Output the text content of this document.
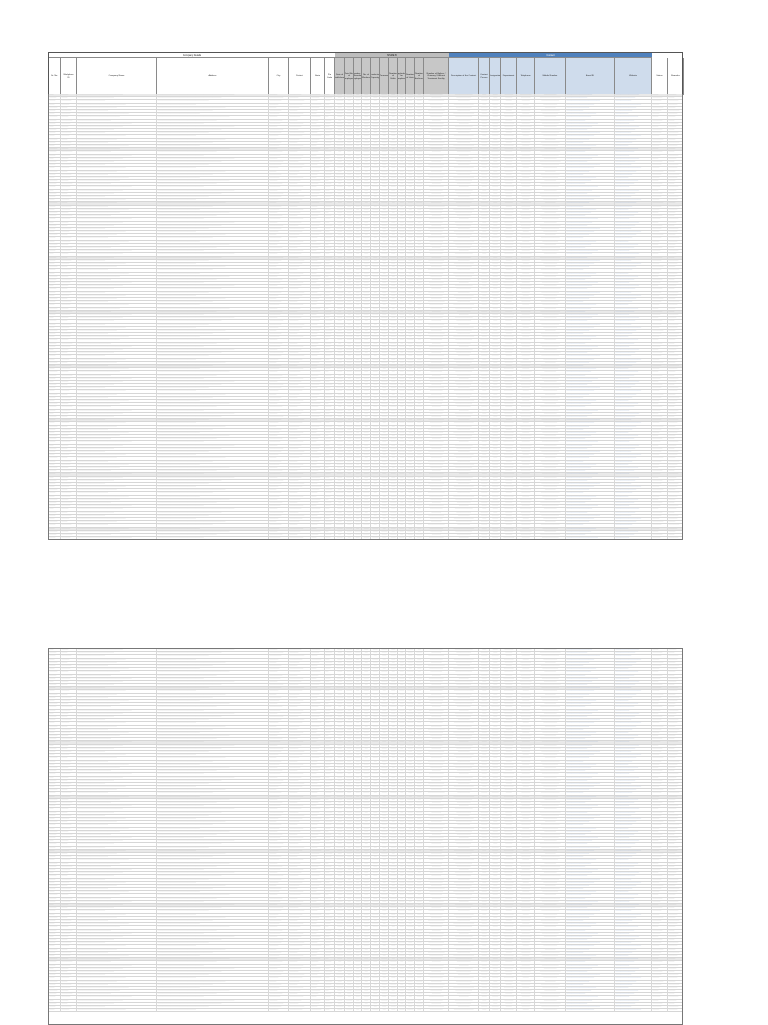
Company Details	MSME B	Contact
Sr. No.
Workplace ID
Company Name	Address	City	District	State
Pin Code
Date of ablishme
Total No. of mployees
umber Female ploye
No. of Workers
oduction Capacity
Turnover
Number of Shifts
plicab for mplian
Number of Units
Number of Machines
Number of Boilers / Chimney / Effluent Treatment Facility
Description of the Contact
Contact Person
Designation Department	Telephone	Mobile Number	Email ID	Website	Status	Remarks
────	───────	──────────────────────────────────────────────	──────────────────────────────────────────────────────────────────────────────	────────	────────────	─────────	────	─────	──────	───	────	─────	──────	────	────	──────	───	─────────────	──────────────────	────	─────	─────────	────────────	─────────────	──────────────────────────	────────────────────────	──────	────────
───────	──────	─────────────────────────────────────	─────────────────────────────────────────────────────────────────	──────────────	─────────	────────	───────	────	─────	─────	───	────	─────	──────	───	─────	──────	──────────	───────────────	───────	────	───────	──────────	─────────────────────	─────────────────────	────────────────────	──────────	──────
──────	──────────	────────────────────────────	────────────────────────────────────────────────────	────────────	───────────────	──────	─────	───────	───	────	──────	───	────	─────	──────	────	─────	────────────────	────────────	──────	───────	──────	────────	──────────────────	──────────────────────────────────	────────────────	─────────	──────────
─────	────────	─────────────────────────────────────────────────	───────────────────────────────────────	─────────	─────────────	──────────	────	─────	──────	───	─────	──────	───	────	─────	──────	────	─────────────	────────────────────	────	──────	──────────	──────	──────────────	────────────────────────────	──────────────────────────	───────	─────────
────────	──────	────────────────────────────────────────	─────────────────────────────────────────────────────────────────────	───────	──────────	────────	───────	────	─────	─────	───	─────	──────	───	────	─────	──────	───────────	────────────────	───────	────	────────	───────────	───────────	───────────────────────	─────────────────────	───────────	───────
──────	──────────	───────────────────────────────	────────────────────────────────────────────────────────	────────────	────────	──────	──────	───────	────	────	──────	───	─────	──────	───	────	─────	─────────────────	─────────────	──────	───────	──────	─────────	───────────────────	─────────────────	─────────────────	─────────	───────────
─────	─────────	────────────────────────────────────────────────────	───────────────────────────────────────────	──────────	──────────────	─────	─────	──────	──────	───	─────	──────	───	─────	─────	───	────	──────────────	─────────────────────	─────	──────	──────────	───────	────────────────	──────────────────────────────	─────────────	───────	─────────
────────	───────	───────────────────────────────────────────	─────────────────────────────────────────────────────────────────────────	────────	───────────	─────────	───	─────	─────	──────	────	─────	──────	───	────	──────	───	────────────	─────────────────	────────	─────	─────────	────────────	────────────	─────────────────────────	───────────────────────	──────	───────
───────	───────────	──────────────────────────────────	────────────────────────────────────────────────────────────	─────────────	────────	───────	──────	───	────	─────	──────	────	─────	──────	───	─────	──────	─────────	──────────────	──────	────────	───────	──────────	────────────────────	───────────────────	───────────────────	──────────	──────
──────	─────────	───────────────────────────────────────────────────────	───────────────────────────────────────────────	───────────	──────────────	─────	─────	──────	───	────	─────	──────	────	─────	─────	───	─────	───────────────	──────────	─────	──────	───────────	────────	─────────────────	────────────────────────────────	──────────────	────────	──────────
────	───────	──────────────────────────────────────────────	──────────────────────────────────────────────────────────────────────────────	────────	────────────	─────────	────	─────	──────	───	────	─────	──────	────	────	──────	───	─────────────	──────────────────	────	─────	─────────	────────────	─────────────	──────────────────────────	────────────────────────	──────	────────
───────	──────	─────────────────────────────────────	─────────────────────────────────────────────────────────────────	──────────────	─────────	────────	───────	────	─────	─────	───	────	─────	──────	───	─────	──────	──────────	───────────────	───────	────	───────	──────────	─────────────────────	─────────────────────	────────────────────	──────────	──────
──────	──────────	────────────────────────────	────────────────────────────────────────────────────	────────────	───────────────	──────	─────	───────	───	────	──────	───	────	─────	──────	────	─────	────────────────	────────────	──────	───────	──────	────────	──────────────────	──────────────────────────────────	────────────────	─────────	──────────
─────	────────	─────────────────────────────────────────────────	───────────────────────────────────────	─────────	─────────────	──────────	────	─────	──────	───	─────	──────	───	────	─────	──────	────	─────────────	────────────────────	────	──────	──────────	──────	──────────────	────────────────────────────	──────────────────────────	───────	─────────
────────	──────	────────────────────────────────────────	─────────────────────────────────────────────────────────────────────	───────	──────────	────────	───────	────	─────	─────	───	─────	──────	───	────	─────	──────	───────────	────────────────	───────	────	────────	───────────	───────────	───────────────────────	─────────────────────	───────────	───────
──────	──────────	───────────────────────────────	────────────────────────────────────────────────────────	────────────	────────	──────	──────	───────	────	────	──────	───	─────	──────	───	────	─────	─────────────────	─────────────	──────	───────	──────	─────────	───────────────────	─────────────────	─────────────────	─────────	───────────
─────	─────────	────────────────────────────────────────────────────	───────────────────────────────────────────	──────────	──────────────	─────	─────	──────	──────	───	─────	──────	───	─────	─────	───	────	──────────────	─────────────────────	─────	──────	──────────	───────	────────────────	──────────────────────────────	─────────────	───────	─────────
────────	───────	───────────────────────────────────────────	─────────────────────────────────────────────────────────────────────────	────────	───────────	─────────	───	─────	─────	──────	────	─────	──────	───	────	──────	───	────────────	─────────────────	────────	─────	─────────	────────────	────────────	─────────────────────────	───────────────────────	──────	───────
───────	───────────	──────────────────────────────────	────────────────────────────────────────────────────────────	─────────────	────────	───────	──────	───	────	─────	──────	────	─────	──────	───	─────	──────	─────────	──────────────	──────	────────	───────	──────────	────────────────────	───────────────────	───────────────────	──────────	──────
──────	─────────	───────────────────────────────────────────────────────	───────────────────────────────────────────────	───────────	──────────────	─────	─────	──────	───	────	─────	──────	────	─────	─────	───	─────	───────────────	──────────	─────	──────	───────────	────────	─────────────────	────────────────────────────────	──────────────	────────	──────────
────	───────	──────────────────────────────────────────────	──────────────────────────────────────────────────────────────────────────────	────────	────────────	─────────	────	─────	──────	───	────	─────	──────	────	────	──────	───	─────────────	──────────────────	────	─────	─────────	────────────	─────────────	──────────────────────────	────────────────────────	──────	────────
───────	──────	─────────────────────────────────────	─────────────────────────────────────────────────────────────────	──────────────	─────────	────────	───────	────	─────	─────	───	────	─────	──────	───	─────	──────	──────────	───────────────	───────	────	───────	──────────	─────────────────────	─────────────────────	────────────────────	──────────	──────
──────	──────────	────────────────────────────	────────────────────────────────────────────────────	────────────	───────────────	──────	─────	───────	───	────	──────	───	────	─────	──────	────	─────	────────────────	────────────	──────	───────	──────	────────	──────────────────	──────────────────────────────────	────────────────	─────────	──────────
─────	────────	─────────────────────────────────────────────────	───────────────────────────────────────	─────────	─────────────	──────────	────	─────	──────	───	─────	──────	───	────	─────	──────	────	─────────────	────────────────────	────	──────	──────────	──────	──────────────	────────────────────────────	──────────────────────────	───────	─────────
────────	──────	────────────────────────────────────────	─────────────────────────────────────────────────────────────────────	───────	──────────	────────	───────	────	─────	─────	───	─────	──────	───	────	─────	──────	───────────	────────────────	───────	────	────────	───────────	───────────	───────────────────────	─────────────────────	───────────	───────
──────	──────────	───────────────────────────────	────────────────────────────────────────────────────────	────────────	────────	──────	──────	───────	────	────	──────	───	─────	──────	───	────	─────	─────────────────	─────────────	──────	───────	──────	─────────	───────────────────	─────────────────	─────────────────	─────────	───────────
─────	─────────	────────────────────────────────────────────────────	───────────────────────────────────────────	──────────	──────────────	─────	─────	──────	──────	───	─────	──────	───	─────	─────	───	────	──────────────	─────────────────────	─────	──────	──────────	───────	────────────────	──────────────────────────────	─────────────	───────	─────────
────────	───────	───────────────────────────────────────────	─────────────────────────────────────────────────────────────────────────	────────	───────────	─────────	───	─────	─────	──────	────	─────	──────	───	────	──────	───	────────────	─────────────────	────────	─────	─────────	────────────	────────────	─────────────────────────	───────────────────────	──────	───────
───────	───────────	──────────────────────────────────	────────────────────────────────────────────────────────────	─────────────	────────	───────	──────	───	────	─────	──────	────	─────	──────	───	─────	──────	─────────	──────────────	──────	────────	───────	──────────	────────────────────	───────────────────	───────────────────	──────────	──────
──────	─────────	───────────────────────────────────────────────────────	───────────────────────────────────────────────	───────────	──────────────	─────	─────	──────	───	────	─────	──────	────	─────	─────	───	─────	───────────────	──────────	─────	──────	───────────	────────	─────────────────	────────────────────────────────	──────────────	────────	──────────
────	───────	──────────────────────────────────────────────	──────────────────────────────────────────────────────────────────────────────	────────	────────────	─────────	────	─────	──────	───	────	─────	──────	────	────	──────	───	─────────────	──────────────────	────	─────	─────────	────────────	─────────────	──────────────────────────	────────────────────────	──────	────────
───────	──────	─────────────────────────────────────	─────────────────────────────────────────────────────────────────	──────────────	─────────	────────	───────	────	─────	─────	───	────	─────	──────	───	─────	──────	──────────	───────────────	───────	────	───────	──────────	─────────────────────	─────────────────────	────────────────────	──────────	──────
──────	──────────	────────────────────────────	────────────────────────────────────────────────────	────────────	───────────────	──────	─────	───────	───	────	──────	───	────	─────	──────	────	─────	────────────────	────────────	──────	───────	──────	────────	──────────────────	──────────────────────────────────	────────────────	─────────	──────────
─────	────────	─────────────────────────────────────────────────	───────────────────────────────────────	─────────	─────────────	──────────	────	─────	──────	───	─────	──────	───	────	─────	──────	────	─────────────	────────────────────	────	──────	──────────	──────	──────────────	────────────────────────────	──────────────────────────	───────	─────────
────────	──────	────────────────────────────────────────	─────────────────────────────────────────────────────────────────────	───────	──────────	────────	───────	────	─────	─────	───	─────	──────	───	────	─────	──────	───────────	────────────────	───────	────	────────	───────────	───────────	───────────────────────	─────────────────────	───────────	───────
──────	──────────	───────────────────────────────	────────────────────────────────────────────────────────	────────────	────────	──────	──────	───────	────	────	──────	───	─────	──────	───	────	─────	─────────────────	─────────────	──────	───────	──────	─────────	───────────────────	─────────────────	─────────────────	─────────	───────────
─────	─────────	────────────────────────────────────────────────────	───────────────────────────────────────────	──────────	──────────────	─────	─────	──────	──────	───	─────	──────	───	─────	─────	───	────	──────────────	─────────────────────	─────	──────	──────────	───────	────────────────	──────────────────────────────	─────────────	───────	─────────
────────	───────	───────────────────────────────────────────	─────────────────────────────────────────────────────────────────────────	────────	───────────	─────────	───	─────	─────	──────	────	─────	──────	───	────	──────	───	────────────	─────────────────	────────	─────	─────────	────────────	────────────	─────────────────────────	───────────────────────	──────	───────
───────	───────────	──────────────────────────────────	────────────────────────────────────────────────────────────	─────────────	────────	───────	──────	───	────	─────	──────	────	─────	──────	───	─────	──────	─────────	──────────────	──────	────────	───────	──────────	────────────────────	───────────────────	───────────────────	──────────	──────
──────	─────────	───────────────────────────────────────────────────────	───────────────────────────────────────────────	───────────	──────────────	─────	─────	──────	───	────	─────	──────	────	─────	─────	───	─────	───────────────	──────────	─────	──────	───────────	────────	─────────────────	────────────────────────────────	──────────────	────────	──────────
────	───────	──────────────────────────────────────────────	──────────────────────────────────────────────────────────────────────────────	────────	────────────	─────────	────	─────	──────	───	────	─────	──────	────	────	──────	───	─────────────	──────────────────	────	─────	─────────	────────────	─────────────	──────────────────────────	────────────────────────	──────	────────
───────	──────	─────────────────────────────────────	─────────────────────────────────────────────────────────────────	──────────────	─────────	────────	───────	────	─────	─────	───	────	─────	──────	───	─────	──────	──────────	───────────────	───────	────	───────	──────────	─────────────────────	─────────────────────	────────────────────	──────────	──────
──────	──────────	────────────────────────────	────────────────────────────────────────────────────	────────────	───────────────	──────	─────	───────	───	────	──────	───	────	─────	──────	────	─────	────────────────	────────────	──────	───────	──────	────────	──────────────────	──────────────────────────────────	────────────────	─────────	──────────
─────	────────	─────────────────────────────────────────────────	───────────────────────────────────────	─────────	─────────────	──────────	────	─────	──────	───	─────	──────	───	────	─────	──────	────	─────────────	────────────────────	────	──────	──────────	──────	──────────────	────────────────────────────	──────────────────────────	───────	─────────
────────	──────	────────────────────────────────────────	─────────────────────────────────────────────────────────────────────	───────	──────────	────────	───────	────	─────	─────	───	─────	──────	───	────	─────	──────	───────────	────────────────	───────	────	────────	───────────	───────────	───────────────────────	─────────────────────	───────────	───────
──────	──────────	───────────────────────────────	────────────────────────────────────────────────────────	────────────	────────	──────	──────	───────	────	────	──────	───	─────	──────	───	────	─────	─────────────────	─────────────	──────	───────	──────	─────────	───────────────────	─────────────────	─────────────────	─────────	───────────
─────	─────────	────────────────────────────────────────────────────	───────────────────────────────────────────	──────────	──────────────	─────	─────	──────	──────	───	─────	──────	───	─────	─────	───	────	──────────────	─────────────────────	─────	──────	──────────	───────	────────────────	──────────────────────────────	─────────────	───────	─────────
────────	───────	───────────────────────────────────────────	─────────────────────────────────────────────────────────────────────────	────────	───────────	─────────	───	─────	─────	──────	────	─────	──────	───	────	──────	───	────────────	─────────────────	────────	─────	─────────	────────────	────────────	─────────────────────────	───────────────────────	──────	───────
───────	───────────	──────────────────────────────────	────────────────────────────────────────────────────────────	─────────────	────────	───────	──────	───	────	─────	──────	────	─────	──────	───	─────	──────	─────────	──────────────	──────	────────	───────	──────────	────────────────────	───────────────────	───────────────────	──────────	──────
──────	─────────	───────────────────────────────────────────────────────	───────────────────────────────────────────────	───────────	──────────────	─────	─────	──────	───	────	─────	──────	────	─────	─────	───	─────	───────────────	──────────	─────	──────	───────────	────────	─────────────────	────────────────────────────────	──────────────	────────	──────────
────	───────	──────────────────────────────────────────────	──────────────────────────────────────────────────────────────────────────────	────────	────────────	─────────	────	─────	──────	───	────	─────	──────	────	────	──────	───	─────────────	──────────────────	────	─────	─────────	────────────	─────────────	──────────────────────────	────────────────────────	──────	────────
───────	──────	─────────────────────────────────────	─────────────────────────────────────────────────────────────────	──────────────	─────────	────────	───────	────	─────	─────	───	────	─────	──────	───	─────	──────	──────────	───────────────	───────	────	───────	──────────	─────────────────────	─────────────────────	────────────────────	──────────	──────
──────	──────────	────────────────────────────	────────────────────────────────────────────────────	────────────	───────────────	──────	─────	───────	───	────	──────	───	────	─────	──────	────	─────	────────────────	────────────	──────	───────	──────	────────	──────────────────	──────────────────────────────────	────────────────	─────────	──────────
─────	────────	─────────────────────────────────────────────────	───────────────────────────────────────	─────────	─────────────	──────────	────	─────	──────	───	─────	──────	───	────	─────	──────	────	─────────────	────────────────────	────	──────	──────────	──────	──────────────	────────────────────────────	──────────────────────────	───────	─────────
────────	──────	────────────────────────────────────────	─────────────────────────────────────────────────────────────────────	───────	──────────	────────	───────	────	─────	─────	───	─────	──────	───	────	─────	──────	───────────	────────────────	───────	────	────────	───────────	───────────	───────────────────────	─────────────────────	───────────	───────
──────	──────────	───────────────────────────────	────────────────────────────────────────────────────────	────────────	────────	──────	──────	───────	────	────	──────	───	─────	──────	───	────	─────	─────────────────	─────────────	──────	───────	──────	─────────	───────────────────	─────────────────	─────────────────	─────────	───────────
─────	─────────	────────────────────────────────────────────────────	───────────────────────────────────────────	──────────	──────────────	─────	─────	──────	──────	───	─────	──────	───	─────	─────	───	────	──────────────	─────────────────────	─────	──────	──────────	───────	────────────────	──────────────────────────────	─────────────	───────	─────────
────────	───────	───────────────────────────────────────────	─────────────────────────────────────────────────────────────────────────	────────	───────────	─────────	───	─────	─────	──────	────	─────	──────	───	────	──────	───	────────────	─────────────────	────────	─────	─────────	────────────	────────────	─────────────────────────	───────────────────────	──────	───────
───────	───────────	──────────────────────────────────	────────────────────────────────────────────────────────────	─────────────	────────	───────	──────	───	────	─────	──────	────	─────	──────	───	─────	──────	─────────	──────────────	──────	────────	───────	──────────	────────────────────	───────────────────	───────────────────	──────────	──────
──────	─────────	───────────────────────────────────────────────────────	───────────────────────────────────────────────	───────────	──────────────	─────	─────	──────	───	────	─────	──────	────	─────	─────	───	─────	───────────────	──────────	─────	──────	───────────	────────	─────────────────	────────────────────────────────	──────────────	────────	──────────
────	───────	──────────────────────────────────────────────	──────────────────────────────────────────────────────────────────────────────	────────	────────────	─────────	────	─────	──────	───	────	─────	──────	────	────	──────	───	─────────────	──────────────────	────	─────	─────────	────────────	─────────────	──────────────────────────	────────────────────────	──────	────────
───────	──────	─────────────────────────────────────	─────────────────────────────────────────────────────────────────	──────────────	─────────	────────	───────	────	─────	─────	───	────	─────	──────	───	─────	──────	──────────	───────────────	───────	────	───────	──────────	─────────────────────	─────────────────────	────────────────────	──────────	──────
──────	──────────	────────────────────────────	────────────────────────────────────────────────────	────────────	───────────────	──────	─────	───────	───	────	──────	───	────	─────	──────	────	─────	────────────────	────────────	──────	───────	──────	────────	──────────────────	──────────────────────────────────	────────────────	─────────	──────────
─────	────────	─────────────────────────────────────────────────	───────────────────────────────────────	─────────	─────────────	──────────	────	─────	──────	───	─────	──────	───	────	─────	──────	────	─────────────	────────────────────	────	──────	──────────	──────	──────────────	────────────────────────────	──────────────────────────	───────	─────────
────────	──────	────────────────────────────────────────	─────────────────────────────────────────────────────────────────────	───────	──────────	────────	───────	────	─────	─────	───	─────	──────	───	────	─────	──────	───────────	────────────────	───────	────	────────	───────────	───────────	───────────────────────	─────────────────────	───────────	───────
──────	──────────	───────────────────────────────	────────────────────────────────────────────────────────	────────────	────────	──────	──────	───────	────	────	──────	───	─────	──────	───	────	─────	─────────────────	─────────────	──────	───────	──────	─────────	───────────────────	─────────────────	─────────────────	─────────	───────────
─────	─────────	────────────────────────────────────────────────────	───────────────────────────────────────────	──────────	──────────────	─────	─────	──────	──────	───	─────	──────	───	─────	─────	───	────	──────────────	─────────────────────	─────	──────	──────────	───────	────────────────	──────────────────────────────	─────────────	───────	─────────
────────	───────	───────────────────────────────────────────	─────────────────────────────────────────────────────────────────────────	────────	───────────	─────────	───	─────	─────	──────	────	─────	──────	───	────	──────	───	────────────	─────────────────	────────	─────	─────────	────────────	────────────	─────────────────────────	───────────────────────	──────	───────
───────	───────────	──────────────────────────────────	────────────────────────────────────────────────────────────	─────────────	────────	───────	──────	───	────	─────	──────	────	─────	──────	───	─────	──────	─────────	──────────────	──────	────────	───────	──────────	────────────────────	───────────────────	───────────────────	──────────	──────
──────	─────────	───────────────────────────────────────────────────────	───────────────────────────────────────────────	───────────	──────────────	─────	─────	──────	───	────	─────	──────	────	─────	─────	───	─────	───────────────	──────────	─────	──────	───────────	────────	─────────────────	────────────────────────────────	──────────────	────────	──────────
────	───────	──────────────────────────────────────────────	──────────────────────────────────────────────────────────────────────────────	────────	────────────	─────────	────	─────	──────	───	────	─────	──────	────	────	──────	───	─────────────	──────────────────	────	─────	─────────	────────────	─────────────	──────────────────────────	────────────────────────	──────	────────
───────	──────	─────────────────────────────────────	─────────────────────────────────────────────────────────────────	──────────────	─────────	────────	───────	────	─────	─────	───	────	─────	──────	───	─────	──────	──────────	───────────────	───────	────	───────	──────────	─────────────────────	─────────────────────	────────────────────	──────────	──────
──────	──────────	────────────────────────────	────────────────────────────────────────────────────	────────────	───────────────	──────	─────	───────	───	────	──────	───	────	─────	──────	────	─────	────────────────	────────────	──────	───────	──────	────────	──────────────────	──────────────────────────────────	────────────────	─────────	──────────
─────	────────	─────────────────────────────────────────────────	───────────────────────────────────────	─────────	─────────────	──────────	────	─────	──────	───	─────	──────	───	────	─────	──────	────	─────────────	────────────────────	────	──────	──────────	──────	──────────────	────────────────────────────	──────────────────────────	───────	─────────
────────	──────	────────────────────────────────────────	─────────────────────────────────────────────────────────────────────	───────	──────────	────────	───────	────	─────	─────	───	─────	──────	───	────	─────	──────	───────────	────────────────	───────	────	────────	───────────	───────────	───────────────────────	─────────────────────	───────────	───────
──────	──────────	───────────────────────────────	────────────────────────────────────────────────────────	────────────	────────	──────	──────	───────	────	────	──────	───	─────	──────	───	────	─────	─────────────────	─────────────	──────	───────	──────	─────────	───────────────────	─────────────────	─────────────────	─────────	───────────
─────	─────────	────────────────────────────────────────────────────	───────────────────────────────────────────	──────────	──────────────	─────	─────	──────	──────	───	─────	──────	───	─────	─────	───	────	──────────────	─────────────────────	─────	──────	──────────	───────	────────────────	──────────────────────────────	─────────────	───────	─────────
────────	───────	───────────────────────────────────────────	─────────────────────────────────────────────────────────────────────────	────────	───────────	─────────	───	─────	─────	──────	────	─────	──────	───	────	──────	───	────────────	─────────────────	────────	─────	─────────	────────────	────────────	─────────────────────────	───────────────────────	──────	───────
───────	───────────	──────────────────────────────────	────────────────────────────────────────────────────────────	─────────────	────────	───────	──────	───	────	─────	──────	────	─────	──────	───	─────	──────	─────────	──────────────	──────	────────	───────	──────────	────────────────────	───────────────────	───────────────────	──────────	──────
──────	─────────	───────────────────────────────────────────────────────	───────────────────────────────────────────────	───────────	──────────────	─────	─────	──────	───	────	─────	──────	────	─────	─────	───	─────	───────────────	──────────	─────	──────	───────────	────────	─────────────────	────────────────────────────────	──────────────	────────	──────────
────	───────	──────────────────────────────────────────────	──────────────────────────────────────────────────────────────────────────────	────────	────────────	─────────	────	─────	──────	───	────	─────	──────	────	────	──────	───	─────────────	──────────────────	────	─────	─────────	────────────	─────────────	──────────────────────────	────────────────────────	──────	────────
───────	──────	─────────────────────────────────────	─────────────────────────────────────────────────────────────────	──────────────	─────────	────────	───────	────	─────	─────	───	────	─────	──────	───	─────	──────	──────────	───────────────	───────	────	───────	──────────	─────────────────────	─────────────────────	────────────────────	──────────	──────
──────	──────────	────────────────────────────	────────────────────────────────────────────────────	────────────	───────────────	──────	─────	───────	───	────	──────	───	────	─────	──────	────	─────	────────────────	────────────	──────	───────	──────	────────	──────────────────	──────────────────────────────────	────────────────	─────────	──────────
─────	────────	─────────────────────────────────────────────────	───────────────────────────────────────	─────────	─────────────	──────────	────	─────	──────	───	─────	──────	───	────	─────	──────	────	─────────────	────────────────────	────	──────	──────────	──────	──────────────	────────────────────────────	──────────────────────────	───────	─────────
────────	──────	────────────────────────────────────────	─────────────────────────────────────────────────────────────────────	───────	──────────	────────	───────	────	─────	─────	───	─────	──────	───	────	─────	──────	───────────	────────────────	───────	────	────────	───────────	───────────	───────────────────────	─────────────────────	───────────	───────
──────	──────────	───────────────────────────────	────────────────────────────────────────────────────────	────────────	────────	──────	──────	───────	────	────	──────	───	─────	──────	───	────	─────	─────────────────	─────────────	──────	───────	──────	─────────	───────────────────	─────────────────	─────────────────	─────────	───────────
─────	─────────	────────────────────────────────────────────────────	───────────────────────────────────────────	──────────	──────────────	─────	─────	──────	──────	───	─────	──────	───	─────	─────	───	────	──────────────	─────────────────────	─────	──────	──────────	───────	────────────────	──────────────────────────────	─────────────	───────	─────────
────────	───────	───────────────────────────────────────────	─────────────────────────────────────────────────────────────────────────	────────	───────────	─────────	───	─────	─────	──────	────	─────	──────	───	────	──────	───	────────────	─────────────────	────────	─────	─────────	────────────	────────────	─────────────────────────	───────────────────────	──────	───────
───────	───────────	──────────────────────────────────	────────────────────────────────────────────────────────────	─────────────	────────	───────	──────	───	────	─────	──────	────	─────	──────	───	─────	──────	─────────	──────────────	──────	────────	───────	──────────	────────────────────	───────────────────	───────────────────	──────────	──────
──────	─────────	───────────────────────────────────────────────────────	───────────────────────────────────────────────	───────────	──────────────	─────	─────	──────	───	────	─────	──────	────	─────	─────	───	─────	───────────────	──────────	─────	──────	───────────	────────	─────────────────	────────────────────────────────	──────────────	────────	──────────
────	───────	──────────────────────────────────────────────	──────────────────────────────────────────────────────────────────────────────	────────	────────────	─────────	────	─────	──────	───	────	─────	──────	────	────	──────	───	─────────────	──────────────────	────	─────	─────────	────────────	─────────────	──────────────────────────	────────────────────────	──────	────────
───────	──────	─────────────────────────────────────	─────────────────────────────────────────────────────────────────	──────────────	─────────	────────	───────	────	─────	─────	───	────	─────	──────	───	─────	──────	──────────	───────────────	───────	────	───────	──────────	─────────────────────	─────────────────────	────────────────────	──────────	──────
──────	──────────	────────────────────────────	────────────────────────────────────────────────────	────────────	───────────────	──────	─────	───────	───	────	──────	───	────	─────	──────	────	─────	────────────────	────────────	──────	───────	──────	────────	──────────────────	──────────────────────────────────	────────────────	─────────	──────────
─────	────────	─────────────────────────────────────────────────	───────────────────────────────────────	─────────	─────────────	──────────	────	─────	──────	───	─────	──────	───	────	─────	──────	────	─────────────	────────────────────	────	──────	──────────	──────	──────────────	────────────────────────────	──────────────────────────	───────	─────────
────────	──────	────────────────────────────────────────	─────────────────────────────────────────────────────────────────────	───────	──────────	────────	───────	────	─────	─────	───	─────	──────	───	────	─────	──────	───────────	────────────────	───────	────	────────	───────────	───────────	───────────────────────	─────────────────────	───────────	───────
──────	──────────	───────────────────────────────	────────────────────────────────────────────────────────	────────────	────────	──────	──────	───────	────	────	──────	───	─────	──────	───	────	─────	─────────────────	─────────────	──────	───────	──────	─────────	───────────────────	─────────────────	─────────────────	─────────	───────────
─────	─────────	────────────────────────────────────────────────────	───────────────────────────────────────────	──────────	──────────────	─────	─────	──────	──────	───	─────	──────	───	─────	─────	───	────	──────────────	─────────────────────	─────	──────	──────────	───────	────────────────	──────────────────────────────	─────────────	───────	─────────
────────	───────	───────────────────────────────────────────	─────────────────────────────────────────────────────────────────────────	────────	───────────	─────────	───	─────	─────	──────	────	─────	──────	───	────	──────	───	────────────	─────────────────	────────	─────	─────────	────────────	────────────	─────────────────────────	───────────────────────	──────	───────
───────	───────────	──────────────────────────────────	────────────────────────────────────────────────────────────	─────────────	────────	───────	──────	───	────	─────	──────	────	─────	──────	───	─────	──────	─────────	──────────────	──────	────────	───────	──────────	────────────────────	───────────────────	───────────────────	──────────	──────
──────	─────────	───────────────────────────────────────────────────────	───────────────────────────────────────────────	───────────	──────────────	─────	─────	──────	───	────	─────	──────	────	─────	─────	───	─────	───────────────	──────────	─────	──────	───────────	────────	─────────────────	────────────────────────────────	──────────────	────────	──────────
────	───────	──────────────────────────────────────────────	──────────────────────────────────────────────────────────────────────────────	────────	────────────	─────────	────	─────	──────	───	────	─────	──────	────	────	──────	───	─────────────	──────────────────	────	─────	─────────	────────────	─────────────	──────────────────────────	────────────────────────	──────	────────
───────	──────	─────────────────────────────────────	─────────────────────────────────────────────────────────────────	──────────────	─────────	────────	───────	────	─────	─────	───	────	─────	──────	───	─────	──────	──────────	───────────────	───────	────	───────	──────────	─────────────────────	─────────────────────	────────────────────	──────────	──────
──────	──────────	────────────────────────────	────────────────────────────────────────────────────	────────────	───────────────	──────	─────	───────	───	────	──────	───	────	─────	──────	────	─────	────────────────	────────────	──────	───────	──────	────────	──────────────────	──────────────────────────────────	────────────────	─────────	──────────
─────	────────	─────────────────────────────────────────────────	───────────────────────────────────────	─────────	─────────────	──────────	────	─────	──────	───	─────	──────	───	────	─────	──────	────	─────────────	────────────────────	────	──────	──────────	──────	──────────────	────────────────────────────	──────────────────────────	───────	─────────
────────	──────	────────────────────────────────────────	─────────────────────────────────────────────────────────────────────	───────	──────────	────────	───────	────	─────	─────	───	─────	──────	───	────	─────	──────	───────────	────────────────	───────	────	────────	───────────	───────────	───────────────────────	─────────────────────	───────────	───────
──────	──────────	───────────────────────────────	────────────────────────────────────────────────────────	────────────	────────	──────	──────	───────	────	────	──────	───	─────	──────	───	────	─────	─────────────────	─────────────	──────	───────	──────	─────────	───────────────────	─────────────────	─────────────────	─────────	───────────
─────	─────────	────────────────────────────────────────────────────	───────────────────────────────────────────	──────────	──────────────	─────	─────	──────	──────	───	─────	──────	───	─────	─────	───	────	──────────────	─────────────────────	─────	──────	──────────	───────	────────────────	──────────────────────────────	─────────────	───────	─────────
────────	───────	───────────────────────────────────────────	─────────────────────────────────────────────────────────────────────────	────────	───────────	─────────	───	─────	─────	──────	────	─────	──────	───	────	──────	───	────────────	─────────────────	────────	─────	─────────	────────────	────────────	─────────────────────────	───────────────────────	──────	───────
───────	───────────	──────────────────────────────────	────────────────────────────────────────────────────────────	─────────────	────────	───────	──────	───	────	─────	──────	────	─────	──────	───	─────	──────	─────────	──────────────	──────	────────	───────	──────────	────────────────────	───────────────────	───────────────────	──────────	──────
──────	─────────	───────────────────────────────────────────────────────	───────────────────────────────────────────────	───────────	──────────────	─────	─────	──────	───	────	─────	──────	────	─────	─────	───	─────	───────────────	──────────	─────	──────	───────────	────────	─────────────────	────────────────────────────────	──────────────	────────	──────────
────	───────	──────────────────────────────────────────────	──────────────────────────────────────────────────────────────────────────────	────────	────────────	─────────	────	─────	──────	───	────	─────	──────	────	────	──────	───	─────────────	──────────────────	────	─────	─────────	────────────	─────────────	──────────────────────────	────────────────────────	──────	────────
───────	──────	─────────────────────────────────────	─────────────────────────────────────────────────────────────────	──────────────	─────────	────────	───────	────	─────	─────	───	────	─────	──────	───	─────	──────	──────────	───────────────	───────	────	───────	──────────	─────────────────────	─────────────────────	────────────────────	──────────	──────
──────	──────────	────────────────────────────	────────────────────────────────────────────────────	────────────	───────────────	──────	─────	───────	───	────	──────	───	────	─────	──────	────	─────	────────────────	────────────	──────	───────	──────	────────	──────────────────	──────────────────────────────────	────────────────	─────────	──────────
─────	────────	─────────────────────────────────────────────────	───────────────────────────────────────	─────────	─────────────	──────────	────	─────	──────	───	─────	──────	───	────	─────	──────	────	─────────────	────────────────────	────	──────	──────────	──────	──────────────	────────────────────────────	──────────────────────────	───────	─────────
────────	──────	────────────────────────────────────────	─────────────────────────────────────────────────────────────────────	───────	──────────	────────	───────	────	─────	─────	───	─────	──────	───	────	─────	──────	───────────	────────────────	───────	────	────────	───────────	───────────	───────────────────────	─────────────────────	───────────	───────
──────	──────────	───────────────────────────────	────────────────────────────────────────────────────────	────────────	────────	──────	──────	───────	────	────	──────	───	─────	──────	───	────	─────	─────────────────	─────────────	──────	───────	──────	─────────	───────────────────	─────────────────	─────────────────	─────────	───────────
─────	─────────	────────────────────────────────────────────────────	───────────────────────────────────────────	──────────	──────────────	─────	─────	──────	──────	───	─────	──────	───	─────	─────	───	────	──────────────	─────────────────────	─────	──────	──────────	───────	────────────────	──────────────────────────────	─────────────	───────	─────────
────────	───────	───────────────────────────────────────────	─────────────────────────────────────────────────────────────────────────	────────	───────────	─────────	───	─────	─────	──────	────	─────	──────	───	────	──────	───	────────────	─────────────────	────────	─────	─────────	────────────	────────────	─────────────────────────	───────────────────────	──────	───────
───────	───────────	──────────────────────────────────	────────────────────────────────────────────────────────────	─────────────	────────	───────	──────	───	────	─────	──────	────	─────	──────	───	─────	──────	─────────	──────────────	──────	────────	───────	──────────	────────────────────	───────────────────	───────────────────	──────────	──────
──────	─────────	───────────────────────────────────────────────────────	───────────────────────────────────────────────	───────────	──────────────	─────	─────	──────	───	────	─────	──────	────	─────	─────	───	─────	───────────────	──────────	─────	──────	───────────	────────	─────────────────	────────────────────────────────	──────────────	────────	──────────
────	───────	──────────────────────────────────────────────	──────────────────────────────────────────────────────────────────────────────	────────	────────────	─────────	────	─────	──────	───	────	─────	──────	────	────	──────	───	─────────────	──────────────────	────	─────	─────────	────────────	─────────────	──────────────────────────	────────────────────────	──────	────────
───────	──────	─────────────────────────────────────	─────────────────────────────────────────────────────────────────	──────────────	─────────	────────	───────	────	─────	─────	───	────	─────	──────	───	─────	──────	──────────	───────────────	───────	────	───────	──────────	─────────────────────	─────────────────────	────────────────────	──────────	──────
──────	──────────	────────────────────────────	────────────────────────────────────────────────────	────────────	───────────────	──────	─────	───────	───	────	──────	───	────	─────	──────	────	─────	────────────────	────────────	──────	───────	──────	────────	──────────────────	──────────────────────────────────	────────────────	─────────	──────────
─────	────────	─────────────────────────────────────────────────	───────────────────────────────────────	─────────	─────────────	──────────	────	─────	──────	───	─────	──────	───	────	─────	──────	────	─────────────	────────────────────	────	──────	──────────	──────	──────────────	────────────────────────────	──────────────────────────	───────	─────────
────────	──────	────────────────────────────────────────	─────────────────────────────────────────────────────────────────────	───────	──────────	────────	───────	────	─────	─────	───	─────	──────	───	────	─────	──────	───────────	────────────────	───────	────	────────	───────────	───────────	───────────────────────	─────────────────────	───────────	───────
──────	──────────	───────────────────────────────	────────────────────────────────────────────────────────	────────────	────────	──────	──────	───────	────	────	──────	───	─────	──────	───	────	─────	─────────────────	─────────────	──────	───────	──────	─────────	───────────────────	─────────────────	─────────────────	─────────	───────────
─────	─────────	────────────────────────────────────────────────────	───────────────────────────────────────────	──────────	──────────────	─────	─────	──────	──────	───	─────	──────	───	─────	─────	───	────	──────────────	─────────────────────	─────	──────	──────────	───────	────────────────	──────────────────────────────	─────────────	───────	─────────
────────	───────	───────────────────────────────────────────	─────────────────────────────────────────────────────────────────────────	────────	───────────	─────────	───	─────	─────	──────	────	─────	──────	───	────	──────	───	────────────	─────────────────	────────	─────	─────────	────────────	────────────	─────────────────────────	───────────────────────	──────	───────
───────	───────────	──────────────────────────────────	────────────────────────────────────────────────────────────	─────────────	────────	───────	──────	───	────	─────	──────	────	─────	──────	───	─────	──────	─────────	──────────────	──────	────────	───────	──────────	────────────────────	───────────────────	───────────────────	──────────	──────
──────	─────────	───────────────────────────────────────────────────────	───────────────────────────────────────────────	───────────	──────────────	─────	─────	──────	───	────	─────	──────	────	─────	─────	───	─────	───────────────	──────────	─────	──────	───────────	────────	─────────────────	────────────────────────────────	──────────────	────────	──────────
────	───────	──────────────────────────────────────────────	──────────────────────────────────────────────────────────────────────────────	────────	────────────	─────────	────	─────	──────	───	────	─────	──────	────	────	──────	───	─────────────	──────────────────	────	─────	─────────	────────────	─────────────	──────────────────────────	────────────────────────	──────	────────
───────	──────	─────────────────────────────────────	─────────────────────────────────────────────────────────────────	──────────────	─────────	────────	───────	────	─────	─────	───	────	─────	──────	───	─────	──────	──────────	───────────────	───────	────	───────	──────────	─────────────────────	─────────────────────	────────────────────	──────────	──────
──────	──────────	────────────────────────────	────────────────────────────────────────────────────	────────────	───────────────	──────	─────	───────	───	────	──────	───	────	─────	──────	────	─────	────────────────	────────────	──────	───────	──────	────────	──────────────────	──────────────────────────────────	────────────────	─────────	──────────
─────	────────	─────────────────────────────────────────────────	───────────────────────────────────────	─────────	─────────────	──────────	────	─────	──────	───	─────	──────	───	────	─────	──────	────	─────────────	────────────────────	────	──────	──────────	──────	──────────────	────────────────────────────	──────────────────────────	───────	─────────
────────	──────	────────────────────────────────────────	─────────────────────────────────────────────────────────────────────	───────	──────────	────────	───────	────	─────	─────	───	─────	──────	───	────	─────	──────	───────────	────────────────	───────	────	────────	───────────	───────────	───────────────────────	─────────────────────	───────────	───────
──────	──────────	───────────────────────────────	────────────────────────────────────────────────────────	────────────	────────	──────	──────	───────	────	────	──────	───	─────	──────	───	────	─────	─────────────────	─────────────	──────	───────	──────	─────────	───────────────────	─────────────────	─────────────────	─────────	───────────
─────	─────────	────────────────────────────────────────────────────	───────────────────────────────────────────	──────────	──────────────	─────	─────	──────	──────	───	─────	──────	───	─────	─────	───	────	──────────────	─────────────────────	─────	──────	──────────	───────	────────────────	──────────────────────────────	─────────────	───────	─────────
────────	───────	───────────────────────────────────────────	─────────────────────────────────────────────────────────────────────────	────────	───────────	─────────	───	─────	─────	──────	────	─────	──────	───	────	──────	───	────────────	─────────────────	────────	─────	─────────	────────────	────────────	─────────────────────────	───────────────────────	──────	───────
───────	───────────	──────────────────────────────────	────────────────────────────────────────────────────────────	─────────────	────────	───────	──────	───	────	─────	──────	────	─────	──────	───	─────	──────	─────────	──────────────	──────	────────	───────	──────────	────────────────────	───────────────────	───────────────────	──────────	──────
──────	─────────	───────────────────────────────────────────────────────	───────────────────────────────────────────────	───────────	──────────────	─────	─────	──────	───	────	─────	──────	────	─────	─────	───	─────	───────────────	──────────	─────	──────	───────────	────────	─────────────────	────────────────────────────────	──────────────	────────	──────────
────	───────	──────────────────────────────────────────────	──────────────────────────────────────────────────────────────────────────────	────────	────────────	─────────	────	─────	──────	───	────	─────	──────	────	────	──────	───	─────────────	──────────────────	────	─────	─────────	────────────	─────────────	──────────────────────────	────────────────────────	──────	────────
───────	──────	─────────────────────────────────────	─────────────────────────────────────────────────────────────────	──────────────	─────────	────────	───────	────	─────	─────	───	────	─────	──────	───	─────	──────	──────────	───────────────	───────	────	───────	──────────	─────────────────────	─────────────────────	────────────────────	──────────	──────
──────	──────────	────────────────────────────	────────────────────────────────────────────────────	────────────	───────────────	──────	─────	───────	───	────	──────	───	────	─────	──────	────	─────	────────────────	────────────	──────	───────	──────	────────	──────────────────	──────────────────────────────────	────────────────	─────────	──────────
─────	────────	─────────────────────────────────────────────────	───────────────────────────────────────	─────────	─────────────	──────────	────	─────	──────	───	─────	──────	───	────	─────	──────	────	─────────────	────────────────────	────	──────	──────────	──────	──────────────	────────────────────────────	──────────────────────────	───────	─────────
────────	──────	────────────────────────────────────────	─────────────────────────────────────────────────────────────────────	───────	──────────	────────	───────	────	─────	─────	───	─────	──────	───	────	─────	──────	───────────	────────────────	───────	────	────────	───────────	───────────	───────────────────────	─────────────────────	───────────	───────
──────	──────────	───────────────────────────────	────────────────────────────────────────────────────────	────────────	────────	──────	──────	───────	────	────	──────	───	─────	──────	───	────	─────	─────────────────	─────────────	──────	───────	──────	─────────	───────────────────	─────────────────	─────────────────	─────────	───────────
─────	─────────	────────────────────────────────────────────────────	───────────────────────────────────────────	──────────	──────────────	─────	─────	──────	──────	───	─────	──────	───	─────	─────	───	────	──────────────	─────────────────────	─────	──────	──────────	───────	────────────────	──────────────────────────────	─────────────	───────	─────────
────────	───────	───────────────────────────────────────────	─────────────────────────────────────────────────────────────────────────	────────	───────────	─────────	───	─────	─────	──────	────	─────	──────	───	────	──────	───	────────────	─────────────────	────────	─────	─────────	────────────	────────────	─────────────────────────	───────────────────────	──────	───────
───────	───────────	──────────────────────────────────	────────────────────────────────────────────────────────────	─────────────	────────	───────	──────	───	────	─────	──────	────	─────	──────	───	─────	──────	─────────	──────────────	──────	────────	───────	──────────	────────────────────	───────────────────	───────────────────	──────────	──────
──────	─────────	───────────────────────────────────────────────────────	───────────────────────────────────────────────	───────────	──────────────	─────	─────	──────	───	────	─────	──────	────	─────	─────	───	─────	───────────────	──────────	─────	──────	───────────	────────	─────────────────	────────────────────────────────	──────────────	────────	──────────
────	───────	──────────────────────────────────────────────	──────────────────────────────────────────────────────────────────────────────	────────	────────────	─────────	────	─────	──────	───	────	─────	──────	────	────	──────	───	─────────────	──────────────────	────	─────	─────────	────────────	─────────────	──────────────────────────	────────────────────────	──────	────────
───────	──────	─────────────────────────────────────	─────────────────────────────────────────────────────────────────	──────────────	─────────	────────	───────	────	─────	─────	───	────	─────	──────	───	─────	──────	──────────	───────────────	───────	────	───────	──────────	─────────────────────	─────────────────────	────────────────────	──────────	──────
──────	──────────	────────────────────────────	────────────────────────────────────────────────────	────────────	───────────────	──────	─────	───────	───	────	──────	───	────	─────	──────	────	─────	────────────────	────────────	──────	───────	──────	────────	──────────────────	──────────────────────────────────	────────────────	─────────	──────────
─────	────────	─────────────────────────────────────────────────	───────────────────────────────────────	─────────	─────────────	──────────	────	─────	──────	───	─────	──────	───	────	─────	──────	────	─────────────	────────────────────	────	──────	──────────	──────	──────────────	────────────────────────────	──────────────────────────	───────	─────────
────────	──────	────────────────────────────────────────	─────────────────────────────────────────────────────────────────────	───────	──────────	────────	───────	────	─────	─────	───	─────	──────	───	────	─────	──────	───────────	────────────────	───────	────	────────	───────────	───────────	───────────────────────	─────────────────────	───────────	───────
──────	──────────	───────────────────────────────	────────────────────────────────────────────────────────	────────────	────────	──────	──────	───────	────	────	──────	───	─────	──────	───	────	─────	─────────────────	─────────────	──────	───────	──────	─────────	───────────────────	─────────────────	─────────────────	─────────	───────────
─────	─────────	────────────────────────────────────────────────────	───────────────────────────────────────────	──────────	──────────────	─────	─────	──────	──────	───	─────	──────	───	─────	─────	───	────	──────────────	─────────────────────	─────	──────	──────────	───────	────────────────	──────────────────────────────	─────────────	───────	─────────
────────	───────	───────────────────────────────────────────	─────────────────────────────────────────────────────────────────────────	────────	───────────	─────────	───	─────	─────	──────	────	─────	──────	───	────	──────	───	────────────	─────────────────	────────	─────	─────────	────────────	────────────	─────────────────────────	───────────────────────	──────	───────
───────	───────────	──────────────────────────────────	────────────────────────────────────────────────────────────	─────────────	────────	───────	──────	───	────	─────	──────	────	─────	──────	───	─────	──────	─────────	──────────────	──────	────────	───────	──────────	────────────────────	───────────────────	───────────────────	──────────	──────
──────	─────────	───────────────────────────────────────────────────────	───────────────────────────────────────────────	───────────	──────────────	─────	─────	──────	───	────	─────	──────	────	─────	─────	───	─────	───────────────	──────────	─────	──────	───────────	────────	─────────────────	────────────────────────────────	──────────────	────────	──────────
────	───────	──────────────────────────────────────────────	──────────────────────────────────────────────────────────────────────────────	────────	────────────	─────────	────	─────	──────	───	────	─────	──────	────	────	──────	───	─────────────	──────────────────	────	─────	─────────	────────────	─────────────	──────────────────────────	────────────────────────	──────	────────
───────	──────	─────────────────────────────────────	─────────────────────────────────────────────────────────────────	──────────────	─────────	────────	───────	────	─────	─────	───	────	─────	──────	───	─────	──────	──────────	───────────────	───────	────	───────	──────────	─────────────────────	─────────────────────	────────────────────	──────────	──────
──────	──────────	────────────────────────────	────────────────────────────────────────────────────	────────────	───────────────	──────	─────	───────	───	────	──────	───	────	─────	──────	────	─────	────────────────	────────────	──────	───────	──────	────────	──────────────────	──────────────────────────────────	────────────────	─────────	──────────
─────	────────	─────────────────────────────────────────────────	───────────────────────────────────────	─────────	─────────────	──────────	────	─────	──────	───	─────	──────	───	────	─────	──────	────	─────────────	────────────────────	────	──────	──────────	──────	──────────────	────────────────────────────	──────────────────────────	───────	─────────
────────	──────	────────────────────────────────────────	─────────────────────────────────────────────────────────────────────	───────	──────────	────────	───────	────	─────	─────	───	─────	──────	───	────	─────	──────	───────────	────────────────	───────	────	────────	───────────	───────────	───────────────────────	─────────────────────	───────────	───────
──────	──────────	───────────────────────────────	────────────────────────────────────────────────────────	────────────	────────	──────	──────	───────	────	────	──────	───	─────	──────	───	────	─────	─────────────────	─────────────	──────	───────	──────	─────────	───────────────────	─────────────────	─────────────────	─────────	───────────
─────	─────────	────────────────────────────────────────────────────	───────────────────────────────────────────	──────────	──────────────	─────	─────	──────	──────	───	─────	──────	───	─────	─────	───	────	──────────────	─────────────────────	─────	──────	──────────	───────	────────────────	──────────────────────────────	─────────────	───────	─────────
────────	───────	───────────────────────────────────────────	─────────────────────────────────────────────────────────────────────────	────────	───────────	─────────	───	─────	─────	──────	────	─────	──────	───	────	──────	───	────────────	─────────────────	────────	─────	─────────	────────────	────────────	─────────────────────────	───────────────────────	──────	───────
───────	───────────	──────────────────────────────────	────────────────────────────────────────────────────────────	─────────────	────────	───────	──────	───	────	─────	──────	────	─────	──────	───	─────	──────	─────────	──────────────	──────	────────	───────	──────────	────────────────────	───────────────────	───────────────────	──────────	──────
──────	─────────	───────────────────────────────────────────────────────	───────────────────────────────────────────────	───────────	──────────────	─────	─────	──────	───	────	─────	──────	────	─────	─────	───	─────	───────────────	──────────	─────	──────	───────────	────────	─────────────────	────────────────────────────────	──────────────	────────	──────────
────	───────	──────────────────────────────────────────────	──────────────────────────────────────────────────────────────────────────────	────────	────────────	─────────	────	─────	──────	───	────	─────	──────	────	────	──────	───	─────────────	──────────────────	────	─────	─────────	────────────	─────────────	──────────────────────────	────────────────────────	──────	────────
───────	──────	─────────────────────────────────────	─────────────────────────────────────────────────────────────────	──────────────	─────────	────────	───────	────	─────	─────	───	────	─────	──────	───	─────	──────	──────────	───────────────	───────	────	───────	──────────	─────────────────────	─────────────────────	────────────────────	──────────	──────
──────	──────────	────────────────────────────	────────────────────────────────────────────────────	────────────	───────────────	──────	─────	───────	───	────	──────	───	────	─────	──────	────	─────	────────────────	────────────	──────	───────	──────	────────	──────────────────	──────────────────────────────────	────────────────	─────────	──────────
─────	────────	─────────────────────────────────────────────────	───────────────────────────────────────	─────────	─────────────	──────────	────	─────	──────	───	─────	──────	───	────	─────	──────	────	─────────────	────────────────────	────	──────	──────────	──────	──────────────	────────────────────────────	──────────────────────────	───────	─────────
────────	──────	────────────────────────────────────────	─────────────────────────────────────────────────────────────────────	───────	──────────	────────	───────	────	─────	─────	───	─────	──────	───	────	─────	──────	───────────	────────────────	───────	────	────────	───────────	───────────	───────────────────────	─────────────────────	───────────	───────
──────	──────────	───────────────────────────────	────────────────────────────────────────────────────────	────────────	────────	──────	──────	───────	────	────	──────	───	─────	──────	───	────	─────	─────────────────	─────────────	──────	───────	──────	─────────	───────────────────	─────────────────	─────────────────	─────────	───────────
─────	─────────	────────────────────────────────────────────────────	───────────────────────────────────────────	──────────	──────────────	─────	─────	──────	──────	───	─────	──────	───	─────	─────	───	────	──────────────	─────────────────────	─────	──────	──────────	───────	────────────────	──────────────────────────────	─────────────	───────	─────────
────────	───────	───────────────────────────────────────────	─────────────────────────────────────────────────────────────────────────	────────	───────────	─────────	───	─────	─────	──────	────	─────	──────	───	────	──────	───	────────────	─────────────────	────────	─────	─────────	────────────	────────────	─────────────────────────	───────────────────────	──────	───────
───────	───────────	──────────────────────────────────	────────────────────────────────────────────────────────────	─────────────	────────	───────	──────	───	────	─────	──────	────	─────	──────	───	─────	──────	─────────	──────────────	──────	────────	───────	──────────	────────────────────	───────────────────	───────────────────	──────────	──────
──────	─────────	───────────────────────────────────────────────────────	───────────────────────────────────────────────	───────────	──────────────	─────	─────	──────	───	────	─────	──────	────	─────	─────	───	─────	───────────────	──────────	─────	──────	───────────	────────	─────────────────	────────────────────────────────	──────────────	────────	──────────
────	───────	──────────────────────────────────────────────	──────────────────────────────────────────────────────────────────────────────	────────	────────────	─────────	────	─────	──────	───	────	─────	──────	────	────	──────	───	─────────────	──────────────────	────	─────	─────────	────────────	─────────────	──────────────────────────	────────────────────────	──────	────────
───────	──────	─────────────────────────────────────	─────────────────────────────────────────────────────────────────	──────────────	─────────	────────	───────	────	─────	─────	───	────	─────	──────	───	─────	──────	──────────	───────────────	───────	────	───────	──────────	─────────────────────	─────────────────────	────────────────────	──────────	──────
──────	──────────	────────────────────────────	────────────────────────────────────────────────────	────────────	───────────────	──────	─────	───────	───	────	──────	───	────	─────	──────	────	─────	────────────────	────────────	──────	───────	──────	────────	──────────────────	──────────────────────────────────	────────────────	─────────	──────────
─────	────────	─────────────────────────────────────────────────	───────────────────────────────────────	─────────	─────────────	──────────	────	─────	──────	───	─────	──────	───	────	─────	──────	────	─────────────	────────────────────	────	──────	──────────	──────	──────────────	────────────────────────────	──────────────────────────	───────	─────────
────────	──────	────────────────────────────────────────	─────────────────────────────────────────────────────────────────────	───────	──────────	────────	───────	────	─────	─────	───	─────	──────	───	────	─────	──────	───────────	────────────────	───────	────	────────	───────────	───────────	───────────────────────	─────────────────────	───────────	───────
──────	──────────	───────────────────────────────	────────────────────────────────────────────────────────	────────────	────────	──────	──────	───────	────	────	──────	───	─────	──────	───	────	─────	─────────────────	─────────────	──────	───────	──────	─────────	───────────────────	─────────────────	─────────────────	─────────	───────────
─────	─────────	────────────────────────────────────────────────────	───────────────────────────────────────────	──────────	──────────────	─────	─────	──────	──────	───	─────	──────	───	─────	─────	───	────	──────────────	─────────────────────	─────	──────	──────────	───────	────────────────	──────────────────────────────	─────────────	───────	─────────
────────	───────	───────────────────────────────────────────	─────────────────────────────────────────────────────────────────────────	────────	───────────	─────────	───	─────	─────	──────	────	─────	──────	───	────	──────	───	────────────	─────────────────	────────	─────	─────────	────────────	────────────	─────────────────────────	───────────────────────	──────	───────
───────	───────────	──────────────────────────────────	────────────────────────────────────────────────────────────	─────────────	────────	───────	──────	───	────	─────	──────	────	─────	──────	───	─────	──────	─────────	──────────────	──────	────────	───────	──────────	────────────────────	───────────────────	───────────────────	──────────	──────
──────	─────────	───────────────────────────────────────────────────────	───────────────────────────────────────────────	───────────	──────────────	─────	─────	──────	───	────	─────	──────	────	─────	─────	───	─────	───────────────	──────────	─────	──────	───────────	────────	─────────────────	────────────────────────────────	──────────────	────────	──────────
────	───────	──────────────────────────────────────────────	──────────────────────────────────────────────────────────────────────────────	────────	────────────	─────────	────	─────	──────	───	────	─────	──────	────	────	──────	───	─────────────	──────────────────	────	─────	─────────	────────────	─────────────	──────────────────────────	────────────────────────	──────	────────
───────	──────	─────────────────────────────────────	─────────────────────────────────────────────────────────────────	──────────────	─────────	────────	───────	────	─────	─────	───	────	─────	──────	───	─────	──────	──────────	───────────────	───────	────	───────	──────────	─────────────────────	─────────────────────	────────────────────	──────────	──────
──────	──────────	────────────────────────────	────────────────────────────────────────────────────	────────────	───────────────	──────	─────	───────	───	────	──────	───	────	─────	──────	────	─────	────────────────	────────────	──────	───────	──────	────────	──────────────────	──────────────────────────────────	────────────────	─────────	──────────
─────	────────	─────────────────────────────────────────────────	───────────────────────────────────────	─────────	─────────────	──────────	────	─────	──────	───	─────	──────	───	────	─────	──────	────	─────────────	────────────────────	────	──────	──────────	──────	──────────────	────────────────────────────	──────────────────────────	───────	─────────
────────	──────	────────────────────────────────────────	─────────────────────────────────────────────────────────────────────	───────	──────────	────────	───────	────	─────	─────	───	─────	──────	───	────	─────	──────	───────────	────────────────	───────	────	────────	───────────	───────────	───────────────────────	─────────────────────	───────────	───────
──────	──────────	───────────────────────────────	────────────────────────────────────────────────────────	────────────	────────	──────	──────	───────	────	────	──────	───	─────	──────	───	────	─────	─────────────────	─────────────	──────	───────	──────	─────────	───────────────────	─────────────────	─────────────────	─────────	───────────
─────	─────────	────────────────────────────────────────────────────	───────────────────────────────────────────	──────────	──────────────	─────	─────	──────	──────	───	─────	──────	───	─────	─────	───	────	──────────────	─────────────────────	─────	──────	──────────	───────	────────────────	──────────────────────────────	─────────────	───────	─────────
────────	───────	───────────────────────────────────────────	─────────────────────────────────────────────────────────────────────────	────────	───────────	─────────	───	─────	─────	──────	────	─────	──────	───	────	──────	───	────────────	─────────────────	────────	─────	─────────	────────────	────────────	─────────────────────────	───────────────────────	──────	───────
───────	───────────	──────────────────────────────────	────────────────────────────────────────────────────────────	─────────────	────────	───────	──────	───	────	─────	──────	────	─────	──────	───	─────	──────	─────────	──────────────	──────	────────	───────	──────────	────────────────────	───────────────────	───────────────────	──────────	──────
──────	─────────	───────────────────────────────────────────────────────	───────────────────────────────────────────────	───────────	──────────────	─────	─────	──────	───	────	─────	──────	────	─────	─────	───	─────	───────────────	──────────	─────	──────	───────────	────────	─────────────────	────────────────────────────────	──────────────	────────	──────────
────	───────	──────────────────────────────────────────────	──────────────────────────────────────────────────────────────────────────────	────────	────────────	─────────	────	─────	──────	───	────	─────	──────	────	────	──────	───	─────────────	──────────────────	────	─────	─────────	────────────	─────────────	──────────────────────────	────────────────────────	──────	────────
───────	──────	─────────────────────────────────────	─────────────────────────────────────────────────────────────────	──────────────	─────────	────────	───────	────	─────	─────	───	────	─────	──────	───	─────	──────	──────────	───────────────	───────	────	───────	──────────	─────────────────────	─────────────────────	────────────────────	──────────	──────
──────	──────────	────────────────────────────	────────────────────────────────────────────────────	────────────	───────────────	──────	─────	───────	───	────	──────	───	────	─────	──────	────	─────	────────────────	────────────	──────	───────	──────	────────	──────────────────	──────────────────────────────────	────────────────	─────────	──────────
─────	────────	─────────────────────────────────────────────────	───────────────────────────────────────	─────────	─────────────	──────────	────	─────	──────	───	─────	──────	───	────	─────	──────	────	─────────────	────────────────────	────	──────	──────────	──────	──────────────	────────────────────────────	──────────────────────────	───────	─────────
────────	──────	────────────────────────────────────────	─────────────────────────────────────────────────────────────────────	───────	──────────	────────	───────	────	─────	─────	───	─────	──────	───	────	─────	──────	───────────	────────────────	───────	────	────────	───────────	───────────	───────────────────────	─────────────────────	───────────	───────
──────	──────────	───────────────────────────────	────────────────────────────────────────────────────────	────────────	────────	──────	──────	───────	────	────	──────	───	─────	──────	───	────	─────	─────────────────	─────────────	──────	───────	──────	─────────	───────────────────	─────────────────	─────────────────	─────────	───────────
─────	─────────	────────────────────────────────────────────────────	───────────────────────────────────────────	──────────	──────────────	─────	─────	──────	──────	───	─────	──────	───	─────	─────	───	────	──────────────	─────────────────────	─────	──────	──────────	───────	────────────────	──────────────────────────────	─────────────	───────	─────────
────────	───────	───────────────────────────────────────────	─────────────────────────────────────────────────────────────────────────	────────	───────────	─────────	───	─────	─────	──────	────	─────	──────	───	────	──────	───	────────────	─────────────────	────────	─────	─────────	────────────	────────────	─────────────────────────	───────────────────────	──────	───────
───────	───────────	──────────────────────────────────	────────────────────────────────────────────────────────────	─────────────	────────	───────	──────	───	────	─────	──────	────	─────	──────	───	─────	──────	─────────	──────────────	──────	────────	───────	──────────	────────────────────	───────────────────	───────────────────	──────────	──────
──────	─────────	───────────────────────────────────────────────────────	───────────────────────────────────────────────	───────────	──────────────	─────	─────	──────	───	────	─────	──────	────	─────	─────	───	─────	───────────────	──────────	─────	──────	───────────	────────	─────────────────	────────────────────────────────	──────────────	────────	──────────
────	───────	──────────────────────────────────────────────	──────────────────────────────────────────────────────────────────────────────	────────	────────────	─────────	────	─────	──────	───	────	─────	──────	────	────	──────	───	─────────────	──────────────────	────	─────	─────────	────────────	─────────────	──────────────────────────	────────────────────────	──────	────────
───────	──────	─────────────────────────────────────	─────────────────────────────────────────────────────────────────	──────────────	─────────	────────	───────	────	─────	─────	───	────	─────	──────	───	─────	──────	──────────	───────────────	───────	────	───────	──────────	─────────────────────	─────────────────────	────────────────────	──────────	──────
──────	──────────	────────────────────────────	────────────────────────────────────────────────────	────────────	───────────────	──────	─────	───────	───	────	──────	───	────	─────	──────	────	─────	────────────────	────────────	──────	───────	──────	────────	──────────────────	──────────────────────────────────	────────────────	─────────	──────────
─────	────────	─────────────────────────────────────────────────	───────────────────────────────────────	─────────	─────────────	──────────	────	─────	──────	───	─────	──────	───	────	─────	──────	────	─────────────	────────────────────	────	──────	──────────	──────	──────────────	────────────────────────────	──────────────────────────	───────	─────────
────────	──────	────────────────────────────────────────	─────────────────────────────────────────────────────────────────────	───────	──────────	────────	───────	────	─────	─────	───	─────	──────	───	────	─────	──────	───────────	────────────────	───────	────	────────	───────────	───────────	───────────────────────	─────────────────────	───────────	───────
──────	──────────	───────────────────────────────	────────────────────────────────────────────────────────	────────────	────────	──────	──────	───────	────	────	──────	───	─────	──────	───	────	─────	─────────────────	─────────────	──────	───────	──────	─────────	───────────────────	─────────────────	─────────────────	─────────	───────────
─────	─────────	────────────────────────────────────────────────────	───────────────────────────────────────────	──────────	──────────────	─────	─────	──────	──────	───	─────	──────	───	─────	─────	───	────	──────────────	─────────────────────	─────	──────	──────────	───────	────────────────	──────────────────────────────	─────────────	───────	─────────
────────	───────	───────────────────────────────────────────	─────────────────────────────────────────────────────────────────────────	────────	───────────	─────────	───	─────	─────	──────	────	─────	──────	───	────	──────	───	────────────	─────────────────	────────	─────	─────────	────────────	────────────	─────────────────────────	───────────────────────	──────	───────
───────	───────────	──────────────────────────────────	────────────────────────────────────────────────────────────	─────────────	────────	───────	──────	───	────	─────	──────	────	─────	──────	───	─────	──────	─────────	──────────────	──────	────────	───────	──────────	────────────────────	───────────────────	───────────────────	──────────	──────
──────	─────────	───────────────────────────────────────────────────────	───────────────────────────────────────────────	───────────	──────────────	─────	─────	──────	───	────	─────	──────	────	─────	─────	───	─────	───────────────	──────────	─────	──────	───────────	────────	─────────────────	────────────────────────────────	──────────────	────────	──────────
────	───────	──────────────────────────────────────────────	──────────────────────────────────────────────────────────────────────────────	────────	────────────	─────────	────	─────	──────	───	────	─────	──────	────	────	──────	───	─────────────	──────────────────	────	─────	─────────	────────────	─────────────	──────────────────────────	────────────────────────	──────	────────
───────	──────	─────────────────────────────────────	─────────────────────────────────────────────────────────────────	──────────────	─────────	────────	───────	────	─────	─────	───	────	─────	──────	───	─────	──────	──────────	───────────────	───────	────	───────	──────────	─────────────────────	─────────────────────	────────────────────	──────────	──────
──────	──────────	────────────────────────────	────────────────────────────────────────────────────	────────────	───────────────	──────	─────	───────	───	────	──────	───	────	─────	──────	────	─────	────────────────	────────────	──────	───────	──────	────────	──────────────────	──────────────────────────────────	────────────────	─────────	──────────
─────	────────	─────────────────────────────────────────────────	───────────────────────────────────────	─────────	─────────────	──────────	────	─────	──────	───	─────	──────	───	────	─────	──────	────	─────────────	────────────────────	────	──────	──────────	──────	──────────────	────────────────────────────	──────────────────────────	───────	─────────
────────	──────	────────────────────────────────────────	─────────────────────────────────────────────────────────────────────	───────	──────────	────────	───────	────	─────	─────	───	─────	──────	───	────	─────	──────	───────────	────────────────	───────	────	────────	───────────	───────────	───────────────────────	─────────────────────	───────────	───────
──────	──────────	───────────────────────────────	────────────────────────────────────────────────────────	────────────	────────	──────	──────	───────	────	────	──────	───	─────	──────	───	────	─────	─────────────────	─────────────	──────	───────	──────	─────────	───────────────────	─────────────────	─────────────────	─────────	───────────
─────	─────────	────────────────────────────────────────────────────	───────────────────────────────────────────	──────────	──────────────	─────	─────	──────	──────	───	─────	──────	───	─────	─────	───	────	──────────────	─────────────────────	─────	──────	──────────	───────	────────────────	──────────────────────────────	─────────────	───────	─────────
────────	───────	───────────────────────────────────────────	─────────────────────────────────────────────────────────────────────────	────────	───────────	─────────	───	─────	─────	──────	────	─────	──────	───	────	──────	───	────────────	─────────────────	────────	─────	─────────	────────────	────────────	─────────────────────────	───────────────────────	──────	───────
───────	───────────	──────────────────────────────────	────────────────────────────────────────────────────────────	─────────────	────────	───────	──────	───	────	─────	──────	────	─────	──────	───	─────	──────	─────────	──────────────	──────	────────	───────	──────────	────────────────────	───────────────────	───────────────────	──────────	──────
──────	─────────	───────────────────────────────────────────────────────	───────────────────────────────────────────────	───────────	──────────────	─────	─────	──────	───	────	─────	──────	────	─────	─────	───	─────	───────────────	──────────	─────	──────	───────────	────────	─────────────────	────────────────────────────────	──────────────	────────	──────────
────	───────	──────────────────────────────────────────────	──────────────────────────────────────────────────────────────────────────────	────────	────────────	─────────	────	─────	──────	───	────	─────	──────	────	────	──────	───	─────────────	──────────────────	────	─────	─────────	────────────	─────────────	──────────────────────────	────────────────────────	──────	────────
───────	──────	─────────────────────────────────────	─────────────────────────────────────────────────────────────────	──────────────	─────────	────────	───────	────	─────	─────	───	────	─────	──────	───	─────	──────	──────────	───────────────	───────	────	───────	──────────	─────────────────────	─────────────────────	────────────────────	──────────	──────
──────	──────────	────────────────────────────	────────────────────────────────────────────────────	────────────	───────────────	──────	─────	───────	───	────	──────	───	────	─────	──────	────	─────	────────────────	────────────	──────	───────	──────	────────	──────────────────	──────────────────────────────────	────────────────	─────────	──────────
─────	────────	─────────────────────────────────────────────────	───────────────────────────────────────	─────────	─────────────	──────────	────	─────	──────	───	─────	──────	───	────	─────	──────	────	─────────────	────────────────────	────	──────	──────────	──────	──────────────	────────────────────────────	──────────────────────────	───────	─────────
────────	──────	────────────────────────────────────────	─────────────────────────────────────────────────────────────────────	───────	──────────	────────	───────	────	─────	─────	───	─────	──────	───	────	─────	──────	───────────	────────────────	───────	────	────────	───────────	───────────	───────────────────────	─────────────────────	───────────	───────
──────	──────────	───────────────────────────────	────────────────────────────────────────────────────────	────────────	────────	──────	──────	───────	────	────	──────	───	─────	──────	───	────	─────	─────────────────	─────────────	──────	───────	──────	─────────	───────────────────	─────────────────	─────────────────	─────────	───────────
─────	─────────	────────────────────────────────────────────────────	───────────────────────────────────────────	──────────	──────────────	─────	─────	──────	──────	───	─────	──────	───	─────	─────	───	────	──────────────	─────────────────────	─────	──────	──────────	───────	────────────────	──────────────────────────────	─────────────	───────	─────────
────────	───────	───────────────────────────────────────────	─────────────────────────────────────────────────────────────────────────	────────	───────────	─────────	───	─────	─────	──────	────	─────	──────	───	────	──────	───	────────────	─────────────────	────────	─────	─────────	────────────	────────────	─────────────────────────	───────────────────────	──────	───────
───────	───────────	──────────────────────────────────	────────────────────────────────────────────────────────────	─────────────	────────	───────	──────	───	────	─────	──────	────	─────	──────	───	─────	──────	─────────	──────────────	──────	────────	───────	──────────	────────────────────	───────────────────	───────────────────	──────────	──────
──────	─────────	───────────────────────────────────────────────────────	───────────────────────────────────────────────	───────────	──────────────	─────	─────	──────	───	────	─────	──────	────	─────	─────	───	─────	───────────────	──────────	─────	──────	───────────	────────	─────────────────	────────────────────────────────	──────────────	────────	──────────
────	───────	──────────────────────────────────────────────	──────────────────────────────────────────────────────────────────────────────	────────	────────────	─────────	────	─────	──────	───	────	─────	──────	────	────	──────	───	─────────────	──────────────────	────	─────	─────────	────────────	─────────────	──────────────────────────	────────────────────────	──────	────────
───────	──────	─────────────────────────────────────	─────────────────────────────────────────────────────────────────	──────────────	─────────	────────	───────	────	─────	─────	───	────	─────	──────	───	─────	──────	──────────	───────────────	───────	────	───────	──────────	─────────────────────	─────────────────────	────────────────────	──────────	──────
──────	──────────	────────────────────────────	────────────────────────────────────────────────────	────────────	───────────────	──────	─────	───────	───	────	──────	───	────	─────	──────	────	─────	────────────────	────────────	──────	───────	──────	────────	──────────────────	──────────────────────────────────	────────────────	─────────	──────────
─────	────────	─────────────────────────────────────────────────	───────────────────────────────────────	─────────	─────────────	──────────	────	─────	──────	───	─────	──────	───	────	─────	──────	────	─────────────	────────────────────	────	──────	──────────	──────	──────────────	────────────────────────────	──────────────────────────	───────	─────────
────────	──────	────────────────────────────────────────	─────────────────────────────────────────────────────────────────────	───────	──────────	────────	───────	────	─────	─────	───	─────	──────	───	────	─────	──────	───────────	────────────────	───────	────	────────	───────────	───────────	───────────────────────	─────────────────────	───────────	───────
──────	──────────	───────────────────────────────	────────────────────────────────────────────────────────	────────────	────────	──────	──────	───────	────	────	──────	───	─────	──────	───	────	─────	─────────────────	─────────────	──────	───────	──────	─────────	───────────────────	─────────────────	─────────────────	─────────	───────────
─────	─────────	────────────────────────────────────────────────────	───────────────────────────────────────────	──────────	──────────────	─────	─────	──────	──────	───	─────	──────	───	─────	─────	───	────	──────────────	─────────────────────	─────	──────	──────────	───────	────────────────	──────────────────────────────	─────────────	───────	─────────
────────	───────	───────────────────────────────────────────	─────────────────────────────────────────────────────────────────────────	────────	───────────	─────────	───	─────	─────	──────	────	─────	──────	───	────	──────	───	────────────	─────────────────	────────	─────	─────────	────────────	────────────	─────────────────────────	───────────────────────	──────	───────
───────	───────────	──────────────────────────────────	────────────────────────────────────────────────────────────	─────────────	────────	───────	──────	───	────	─────	──────	────	─────	──────	───	─────	──────	─────────	──────────────	──────	────────	───────	──────────	────────────────────	───────────────────	───────────────────	──────────	──────
──────	─────────	───────────────────────────────────────────────────────	───────────────────────────────────────────────	───────────	──────────────	─────	─────	──────	───	────	─────	──────	────	─────	─────	───	─────	───────────────	──────────	─────	──────	───────────	────────	─────────────────	────────────────────────────────	──────────────	────────	──────────
────	───────	──────────────────────────────────────────────	──────────────────────────────────────────────────────────────────────────────	────────	────────────	─────────	────	─────	──────	───	────	─────	──────	────	────	──────	───	─────────────	──────────────────	────	─────	─────────	────────────	─────────────	──────────────────────────	────────────────────────	──────	────────
───────	──────	─────────────────────────────────────	─────────────────────────────────────────────────────────────────	──────────────	─────────	────────	───────	────	─────	─────	───	────	─────	──────	───	─────	──────	──────────	───────────────	───────	────	───────	──────────	─────────────────────	─────────────────────	────────────────────	──────────	──────
──────	──────────	────────────────────────────	────────────────────────────────────────────────────	────────────	───────────────	──────	─────	───────	───	────	──────	───	────	─────	──────	────	─────	────────────────	────────────	──────	───────	──────	────────	──────────────────	──────────────────────────────────	────────────────	─────────	──────────
─────	────────	─────────────────────────────────────────────────	───────────────────────────────────────	─────────	─────────────	──────────	────	─────	──────	───	─────	──────	───	────	─────	──────	────	─────────────	────────────────────	────	──────	──────────	──────	──────────────	────────────────────────────	──────────────────────────	───────	─────────
